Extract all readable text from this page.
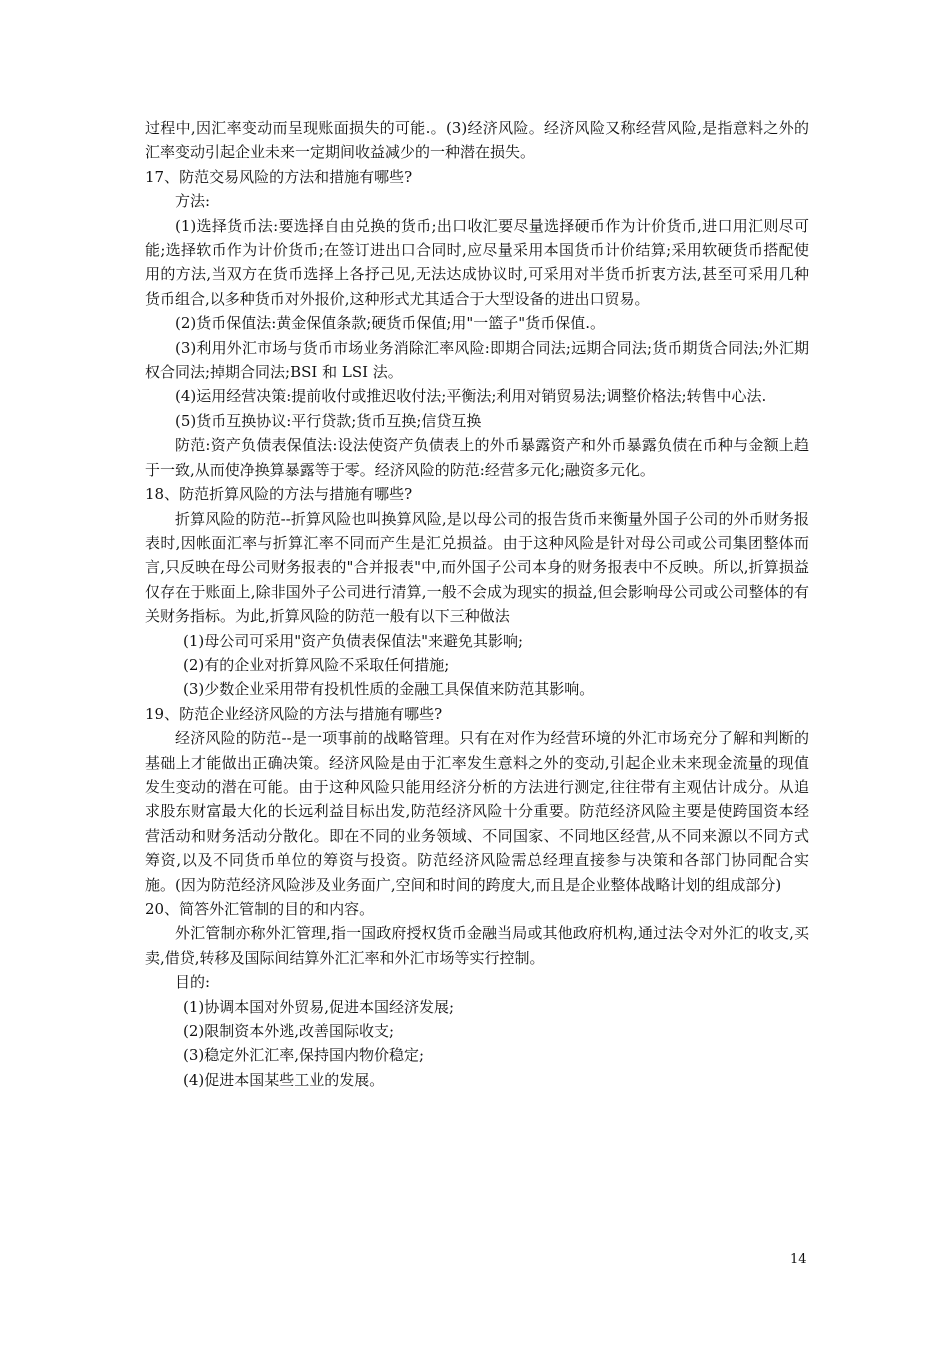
过程中,因汇率变动而呈现账面损失的可能.。(3)经济风险。经济风险又称经营风险,是指意料之外的汇率变动引起企业未来一定期间收益减少的一种潜在损失。

17、防范交易风险的方法和措施有哪些?

方法:

(1)选择货币法:要选择自由兑换的货币;出口收汇要尽量选择硬币作为计价货币,进口用汇则尽可能;选择软币作为计价货币;在签订进出口合同时,应尽量采用本国货币计价结算;采用软硬货币搭配使用的方法,当双方在货币选择上各抒己见,无法达成协议时,可采用对半货币折衷方法,甚至可采用几种货币组合,以多种货币对外报价,这种形式尤其适合于大型设备的进出口贸易。

(2)货币保值法:黄金保值条款;硬货币保值;用"一篮子"货币保值.。

(3)利用外汇市场与货币市场业务消除汇率风险:即期合同法;远期合同法;货币期货合同法;外汇期权合同法;掉期合同法;BSI 和 LSI 法。

(4)运用经营决策:提前收付或推迟收付法;平衡法;利用对销贸易法;调整价格法;转售中心法.

(5)货币互换协议:平行贷款;货币互换;信贷互换

防范:资产负债表保值法:设法使资产负债表上的外币暴露资产和外币暴露负债在币种与金额上趋于一致,从而使净换算暴露等于零。经济风险的防范:经营多元化;融资多元化。

18、防范折算风险的方法与措施有哪些?

折算风险的防范--折算风险也叫换算风险,是以母公司的报告货币来衡量外国子公司的外币财务报表时,因帐面汇率与折算汇率不同而产生是汇兑损益。由于这种风险是针对母公司或公司集团整体而言,只反映在母公司财务报表的"合并报表"中,而外国子公司本身的财务报表中不反映。所以,折算损益仅存在于账面上,除非国外子公司进行清算,一般不会成为现实的损益,但会影响母公司或公司整体的有关财务指标。为此,折算风险的防范一般有以下三种做法

(1)母公司可采用"资产负债表保值法"来避免其影响;

(2)有的企业对折算风险不采取任何措施;

(3)少数企业采用带有投机性质的金融工具保值来防范其影响。

19、防范企业经济风险的方法与措施有哪些?

经济风险的防范--是一项事前的战略管理。只有在对作为经营环境的外汇市场充分了解和判断的基础上才能做出正确决策。经济风险是由于汇率发生意料之外的变动,引起企业未来现金流量的现值发生变动的潜在可能。由于这种风险只能用经济分析的方法进行测定,往往带有主观估计成分。从追求股东财富最大化的长远利益目标出发,防范经济风险十分重要。防范经济风险主要是使跨国资本经营活动和财务活动分散化。即在不同的业务领域、不同国家、不同地区经营,从不同来源以不同方式筹资,以及不同货币单位的筹资与投资。防范经济风险需总经理直接参与决策和各部门协同配合实施。(因为防范经济风险涉及业务面广,空间和时间的跨度大,而且是企业整体战略计划的组成部分)

20、简答外汇管制的目的和内容。

外汇管制亦称外汇管理,指一国政府授权货币金融当局或其他政府机构,通过法令对外汇的收支,买卖,借贷,转移及国际间结算外汇汇率和外汇市场等实行控制。

目的:

(1)协调本国对外贸易,促进本国经济发展;

(2)限制资本外逃,改善国际收支;

(3)稳定外汇汇率,保持国内物价稳定;

(4)促进本国某些工业的发展。

14
